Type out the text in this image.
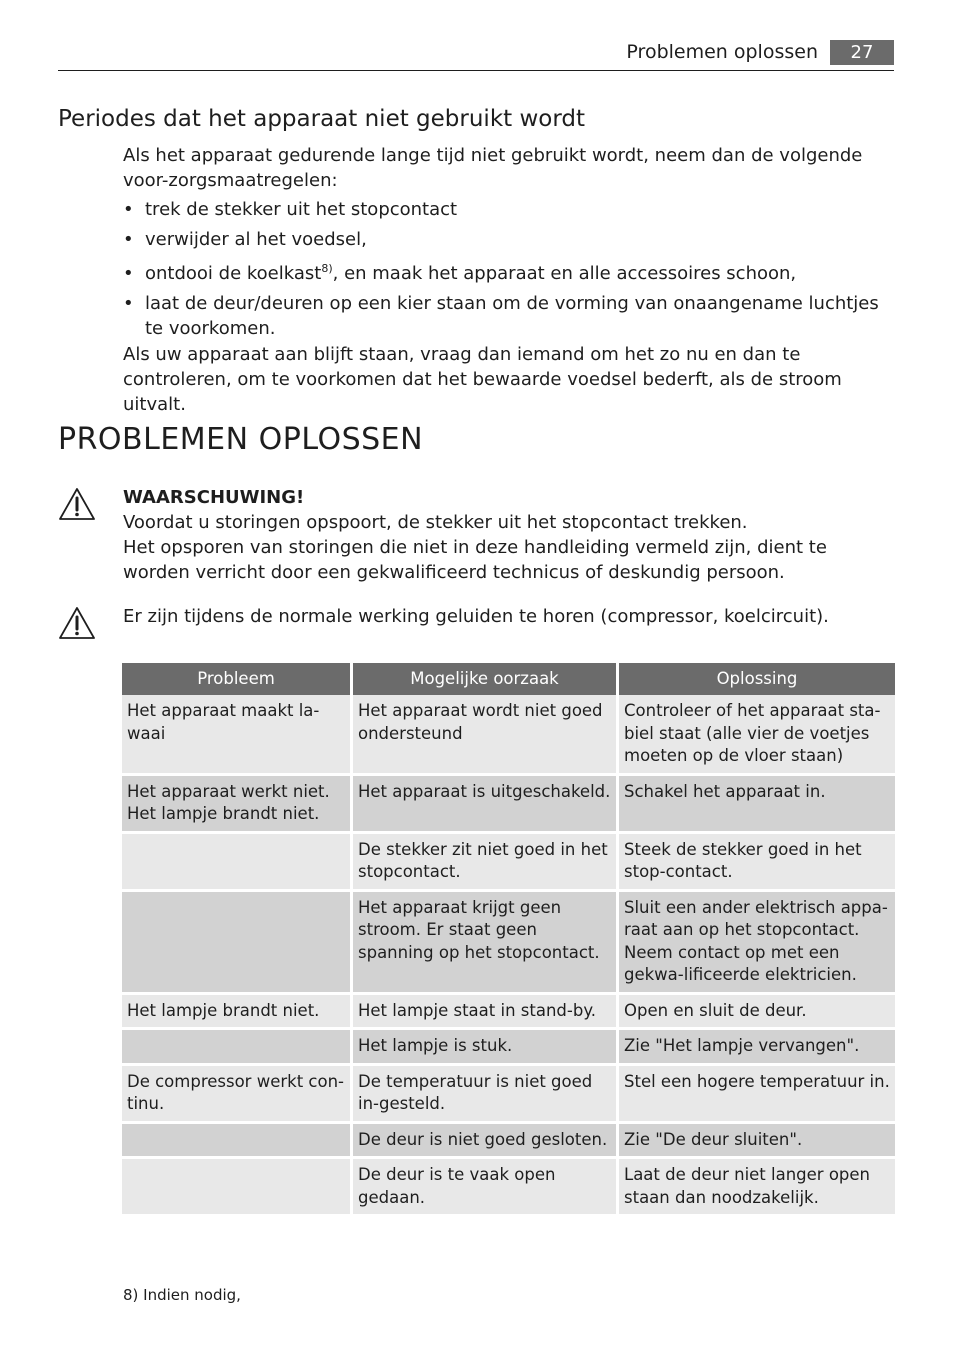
Problemen oplossen	27
Periodes dat het apparaat niet gebruikt wordt
Als het apparaat gedurende lange tijd niet gebruikt wordt, neem dan de volgende voor-zorgsmaatregelen:
• trek de stekker uit het stopcontact
• verwijder al het voedsel,
• ontdooi de koelkast$^{8)}$, en maak het apparaat en alle accessoires schoon,
• laat de deur/deuren op een kier staan om de vorming van onaangename luchtjes te voorkomen.
Als uw apparaat aan blijft staan, vraag dan iemand om het zo nu en dan te controleren, om te voorkomen dat het bewaarde voedsel bederft, als de stroom uitvalt.
PROBLEMEN OPLOSSEN
WAARSCHUWING!
Voordat u storingen opspoort, de stekker uit het stopcontact trekken.
Het opsporen van storingen die niet in deze handleiding vermeld zijn, dient te worden verricht door een gekwalificeerd technicus of deskundig persoon.
Er zijn tijdens de normale werking geluiden te horen (compressor, koelcircuit).
Probleem	Mogelijke oorzaak	Oplossing
Het apparaat maakt la-waai	Het apparaat wordt niet goed ondersteund	Controleer of het apparaat sta-biel staat (alle vier de voetjes moeten op de vloer staan)
Het apparaat werkt niet. Het lampje brandt niet.	Het apparaat is uitgeschakeld.	Schakel het apparaat in.
	De stekker zit niet goed in het stopcontact.	Steek de stekker goed in het stop-contact.
	Het apparaat krijgt geen stroom. Er staat geen spanning op het stopcontact.	Sluit een ander elektrisch appa-raat aan op het stopcontact. Neem contact op met een gekwa-lificeerde elektricien.
Het lampje brandt niet.	Het lampje staat in stand-by.	Open en sluit de deur.
	Het lampje is stuk.	Zie "Het lampje vervangen".
De compressor werkt con-tinu.	De temperatuur is niet goed in-gesteld.	Stel een hogere temperatuur in.
	De deur is niet goed gesloten.	Zie "De deur sluiten".
	De deur is te vaak open gedaan.	Laat de deur niet langer open staan dan noodzakelijk.
8) Indien nodig,
